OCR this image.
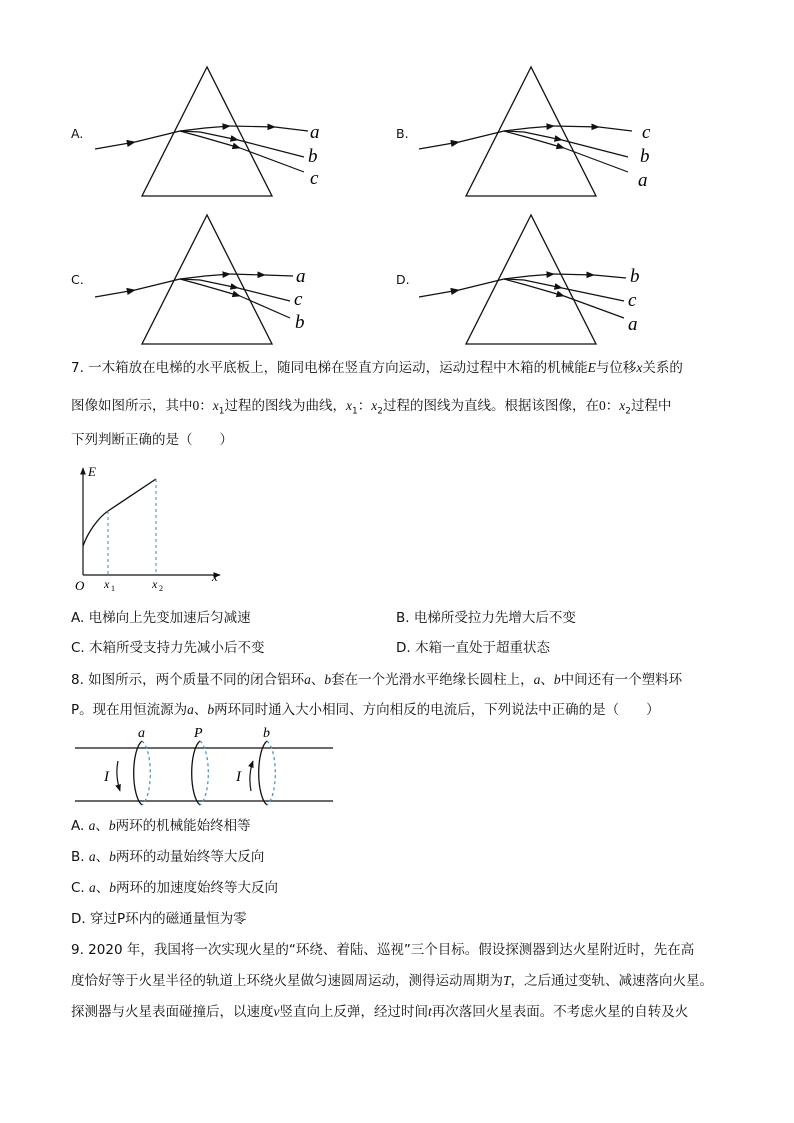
A.	a
b
c
B.	c
b
a
C.	a
c
b
D.	b
c
a
7. 一木箱放在电梯的水平底板上，随同电梯在竖直方向运动，运动过程中木箱的机械能E与位移x关系的
图像如图所示，其中0：$x_1$过程的图线为曲线，$x_1$：$x_2$过程的图线为直线。根据该图像，在0：$x_2$过程中
下列判断正确的是（　　）
E
x
O x 1	x 2
A. 电梯向上先变加速后匀减速	B. 电梯所受拉力先增大后不变
C. 木箱所受支持力先减小后不变	D. 木箱一直处于超重状态
8. 如图所示，两个质量不同的闭合铝环a、b套在一个光滑水平绝缘长圆柱上，a、b中间还有一个塑料环
P。现在用恒流源为a、b两环同时通入大小相同、方向相反的电流后，下列说法中正确的是（　　）
a	P	b
I	I
A. a、b两环的机械能始终相等
B. a、b两环的动量始终等大反向
C. a、b两环的加速度始终等大反向
D. 穿过P环内的磁通量恒为零
9. 2020 年，我国将一次实现火星的“环绕、着陆、巡视”三个目标。假设探测器到达火星附近时，先在高
度恰好等于火星半径的轨道上环绕火星做匀速圆周运动，测得运动周期为T，之后通过变轨、减速落向火星。
探测器与火星表面碰撞后，以速度v竖直向上反弹，经过时间t再次落回火星表面。不考虑火星的自转及火
